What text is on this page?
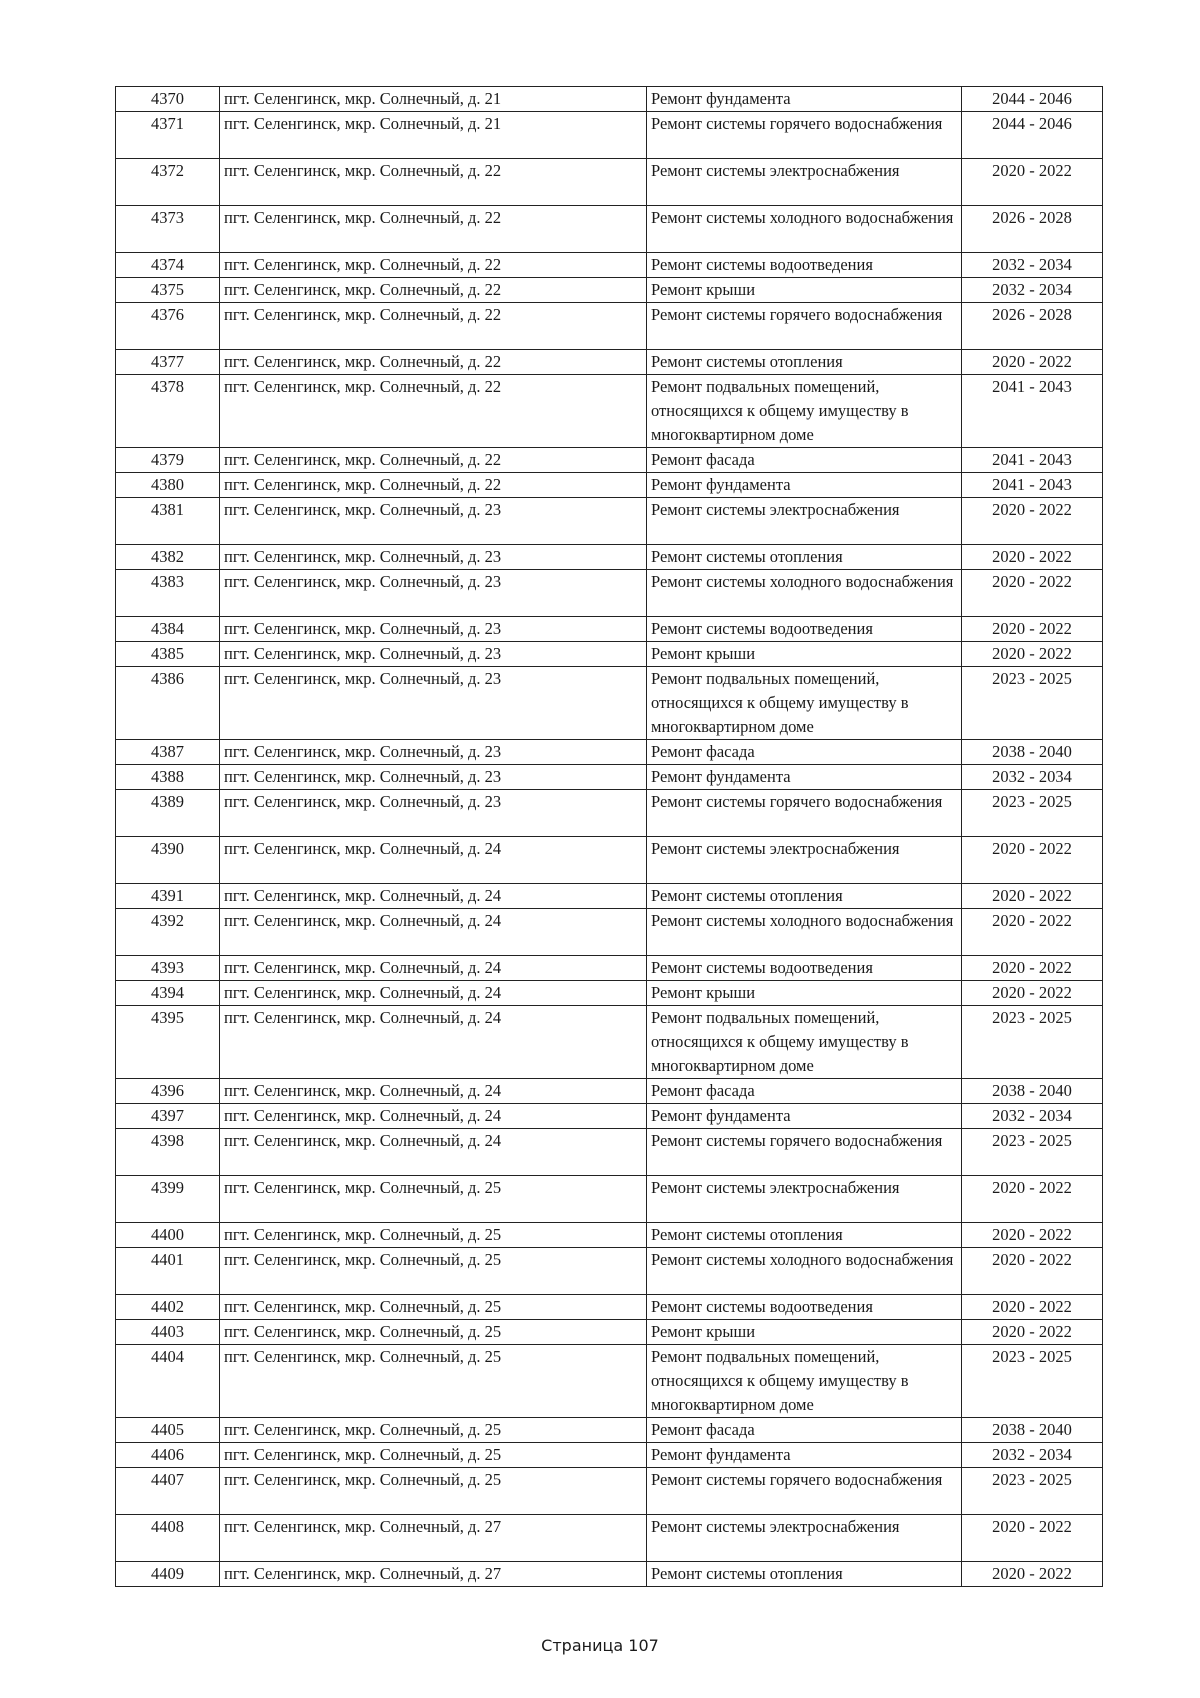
4370	пгт. Селенгинск, мкр. Солнечный, д. 21	Ремонт фундамента	2044 - 2046
4371	пгт. Селенгинск, мкр. Солнечный, д. 21	Ремонт системы горячего водоснабжения	2044 - 2046
4372	пгт. Селенгинск, мкр. Солнечный, д. 22	Ремонт системы электроснабжения	2020 - 2022
4373	пгт. Селенгинск, мкр. Солнечный, д. 22	Ремонт системы холодного водоснабжения	2026 - 2028
4374	пгт. Селенгинск, мкр. Солнечный, д. 22	Ремонт системы водоотведения	2032 - 2034
4375	пгт. Селенгинск, мкр. Солнечный, д. 22	Ремонт крыши	2032 - 2034
4376	пгт. Селенгинск, мкр. Солнечный, д. 22	Ремонт системы горячего водоснабжения	2026 - 2028
4377	пгт. Селенгинск, мкр. Солнечный, д. 22	Ремонт системы отопления	2020 - 2022
4378	пгт. Селенгинск, мкр. Солнечный, д. 22	Ремонт подвальных помещений, относящихся к общему имуществу в многоквартирном доме	2041 - 2043
4379	пгт. Селенгинск, мкр. Солнечный, д. 22	Ремонт фасада	2041 - 2043
4380	пгт. Селенгинск, мкр. Солнечный, д. 22	Ремонт фундамента	2041 - 2043
4381	пгт. Селенгинск, мкр. Солнечный, д. 23	Ремонт системы электроснабжения	2020 - 2022
4382	пгт. Селенгинск, мкр. Солнечный, д. 23	Ремонт системы отопления	2020 - 2022
4383	пгт. Селенгинск, мкр. Солнечный, д. 23	Ремонт системы холодного водоснабжения	2020 - 2022
4384	пгт. Селенгинск, мкр. Солнечный, д. 23	Ремонт системы водоотведения	2020 - 2022
4385	пгт. Селенгинск, мкр. Солнечный, д. 23	Ремонт крыши	2020 - 2022
4386	пгт. Селенгинск, мкр. Солнечный, д. 23	Ремонт подвальных помещений, относящихся к общему имуществу в многоквартирном доме	2023 - 2025
4387	пгт. Селенгинск, мкр. Солнечный, д. 23	Ремонт фасада	2038 - 2040
4388	пгт. Селенгинск, мкр. Солнечный, д. 23	Ремонт фундамента	2032 - 2034
4389	пгт. Селенгинск, мкр. Солнечный, д. 23	Ремонт системы горячего водоснабжения	2023 - 2025
4390	пгт. Селенгинск, мкр. Солнечный, д. 24	Ремонт системы электроснабжения	2020 - 2022
4391	пгт. Селенгинск, мкр. Солнечный, д. 24	Ремонт системы отопления	2020 - 2022
4392	пгт. Селенгинск, мкр. Солнечный, д. 24	Ремонт системы холодного водоснабжения	2020 - 2022
4393	пгт. Селенгинск, мкр. Солнечный, д. 24	Ремонт системы водоотведения	2020 - 2022
4394	пгт. Селенгинск, мкр. Солнечный, д. 24	Ремонт крыши	2020 - 2022
4395	пгт. Селенгинск, мкр. Солнечный, д. 24	Ремонт подвальных помещений, относящихся к общему имуществу в многоквартирном доме	2023 - 2025
4396	пгт. Селенгинск, мкр. Солнечный, д. 24	Ремонт фасада	2038 - 2040
4397	пгт. Селенгинск, мкр. Солнечный, д. 24	Ремонт фундамента	2032 - 2034
4398	пгт. Селенгинск, мкр. Солнечный, д. 24	Ремонт системы горячего водоснабжения	2023 - 2025
4399	пгт. Селенгинск, мкр. Солнечный, д. 25	Ремонт системы электроснабжения	2020 - 2022
4400	пгт. Селенгинск, мкр. Солнечный, д. 25	Ремонт системы отопления	2020 - 2022
4401	пгт. Селенгинск, мкр. Солнечный, д. 25	Ремонт системы холодного водоснабжения	2020 - 2022
4402	пгт. Селенгинск, мкр. Солнечный, д. 25	Ремонт системы водоотведения	2020 - 2022
4403	пгт. Селенгинск, мкр. Солнечный, д. 25	Ремонт крыши	2020 - 2022
4404	пгт. Селенгинск, мкр. Солнечный, д. 25	Ремонт подвальных помещений, относящихся к общему имуществу в многоквартирном доме	2023 - 2025
4405	пгт. Селенгинск, мкр. Солнечный, д. 25	Ремонт фасада	2038 - 2040
4406	пгт. Селенгинск, мкр. Солнечный, д. 25	Ремонт фундамента	2032 - 2034
4407	пгт. Селенгинск, мкр. Солнечный, д. 25	Ремонт системы горячего водоснабжения	2023 - 2025
4408	пгт. Селенгинск, мкр. Солнечный, д. 27	Ремонт системы электроснабжения	2020 - 2022
4409	пгт. Селенгинск, мкр. Солнечный, д. 27	Ремонт системы отопления	2020 - 2022
Страница 107
